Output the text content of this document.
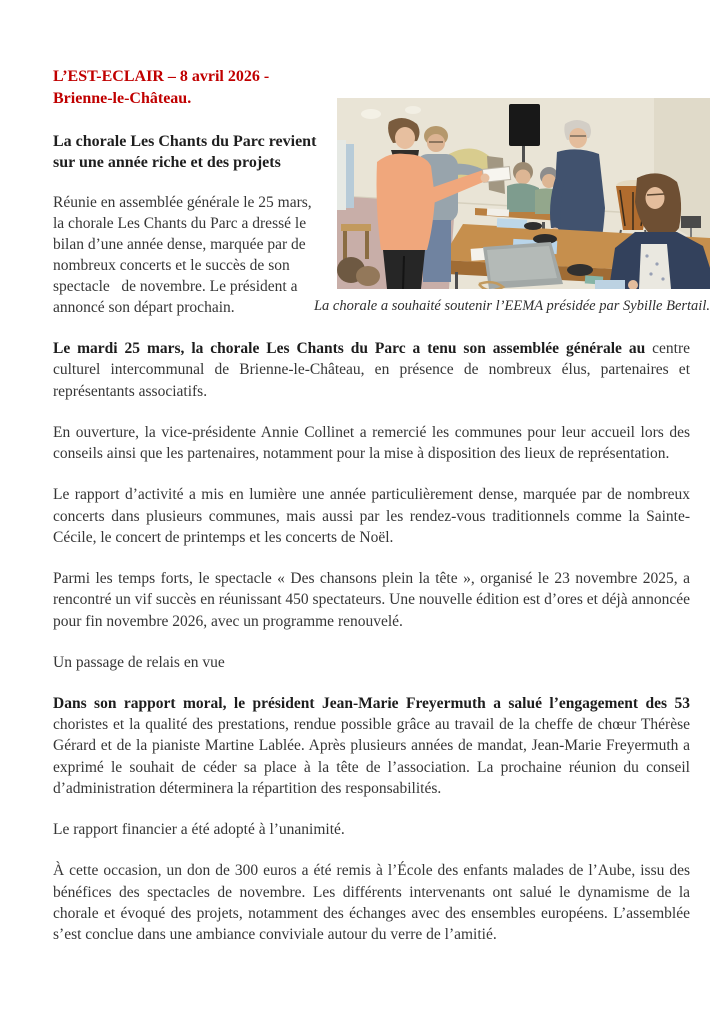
La chorale a souhaité soutenir l’EEMA présidée par Sybille Bertail.

L’EST-ECLAIR – 8 avril 2026 - Brienne-le-Château.

La chorale Les Chants du Parc revient sur une année riche et des projets

Réunie en assemblée générale le 25 mars,   la chorale Les Chants du Parc a dressé le bilan d’une année dense, marquée par de nombreux concerts et le succès de son spectacle   de novembre. Le président a annoncé son départ prochain.

Le mardi 25 mars, la chorale Les Chants du Parc a tenu son assemblée générale au centre culturel intercommunal de Brienne-le-Château, en présence de nombreux élus, partenaires et représentants associatifs.

En ouverture, la vice-présidente Annie Collinet a remercié les communes pour leur accueil lors des conseils ainsi que les partenaires, notamment pour la mise à disposition des lieux de représentation.

Le rapport d’activité a mis en lumière une année particulièrement dense, marquée par de nombreux concerts dans plusieurs communes, mais aussi par les rendez-vous traditionnels comme la Sainte-Cécile, le concert de printemps et les concerts de Noël.

Parmi les temps forts, le spectacle « Des chansons plein la tête », organisé le 23 novembre 2025, a rencontré un vif succès en réunissant 450 spectateurs. Une nouvelle édition est d’ores et déjà annoncée pour fin novembre 2026, avec un programme renouvelé.

Un passage de relais en vue

Dans son rapport moral, le président Jean-Marie Freyermuth a salué l’engagement des 53 choristes et la qualité des prestations, rendue possible grâce au travail de la cheffe de chœur Thérèse Gérard et de la pianiste Martine Lablée. Après plusieurs années de mandat, Jean-Marie Freyermuth a exprimé le souhait de céder sa place à la tête de l’association. La prochaine réunion du conseil d’administration déterminera la répartition des responsabilités.

Le rapport financier a été adopté à l’unanimité.

À cette occasion, un don de 300 euros a été remis à l’École des enfants malades de l’Aube, issu des bénéfices des spectacles de novembre. Les différents intervenants ont salué le dynamisme de la chorale et évoqué des projets, notamment des échanges avec des ensembles européens. L’assemblée s’est conclue dans une ambiance conviviale autour du verre de l’amitié.
